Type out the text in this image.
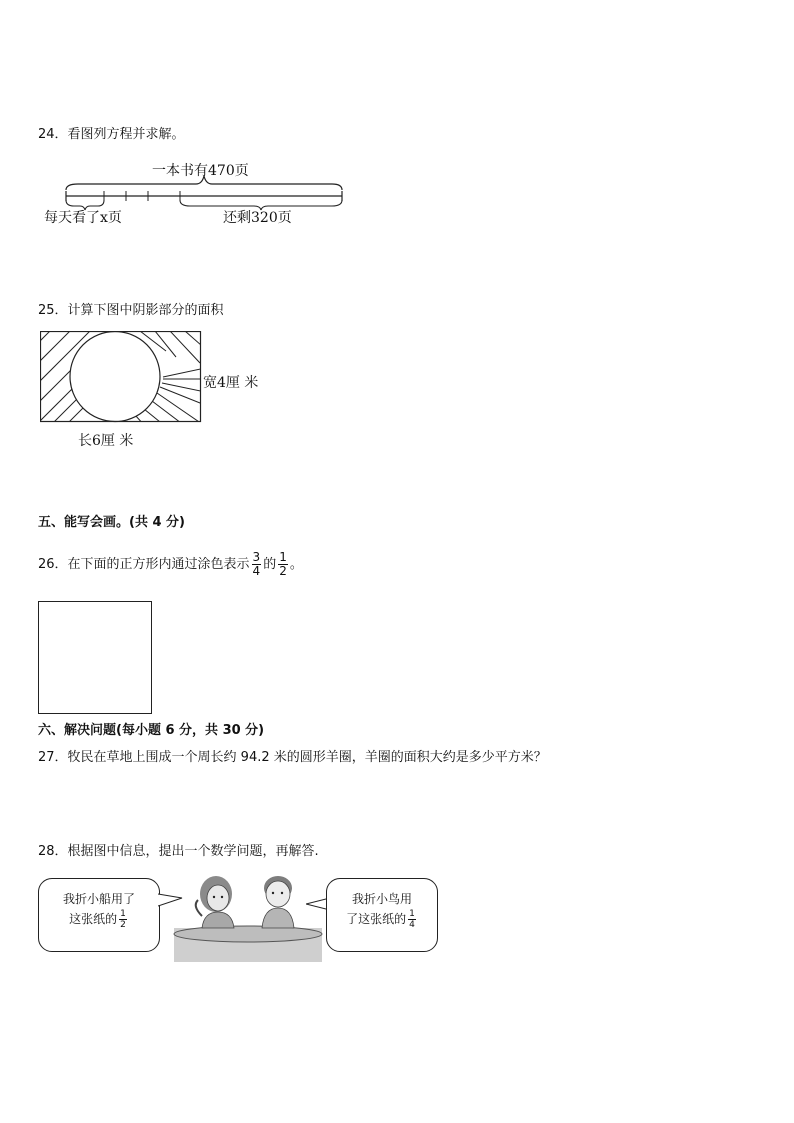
24．看图列方程并求解。
一本书有470页
每天看了x页	还剩320页
25．计算下图中阴影部分的面积
宽4厘 米
长6厘 米
五、能写会画。(共 4 分)
26．在下面的正方形内通过涂色表示 $\frac{3}{4}$ 的 $\frac{1}{2}$ 。
六、解决问题(每小题 6 分，共 30 分)
27．牧民在草地上围成一个周长约 94.2 米的圆形羊圈，羊圈的面积大约是多少平方米？
28．根据图中信息，提出一个数学问题，再解答.
我折小船用了
这张纸的 $\frac{1}{2}$
我折小鸟用
了这张纸的 $\frac{1}{4}$
